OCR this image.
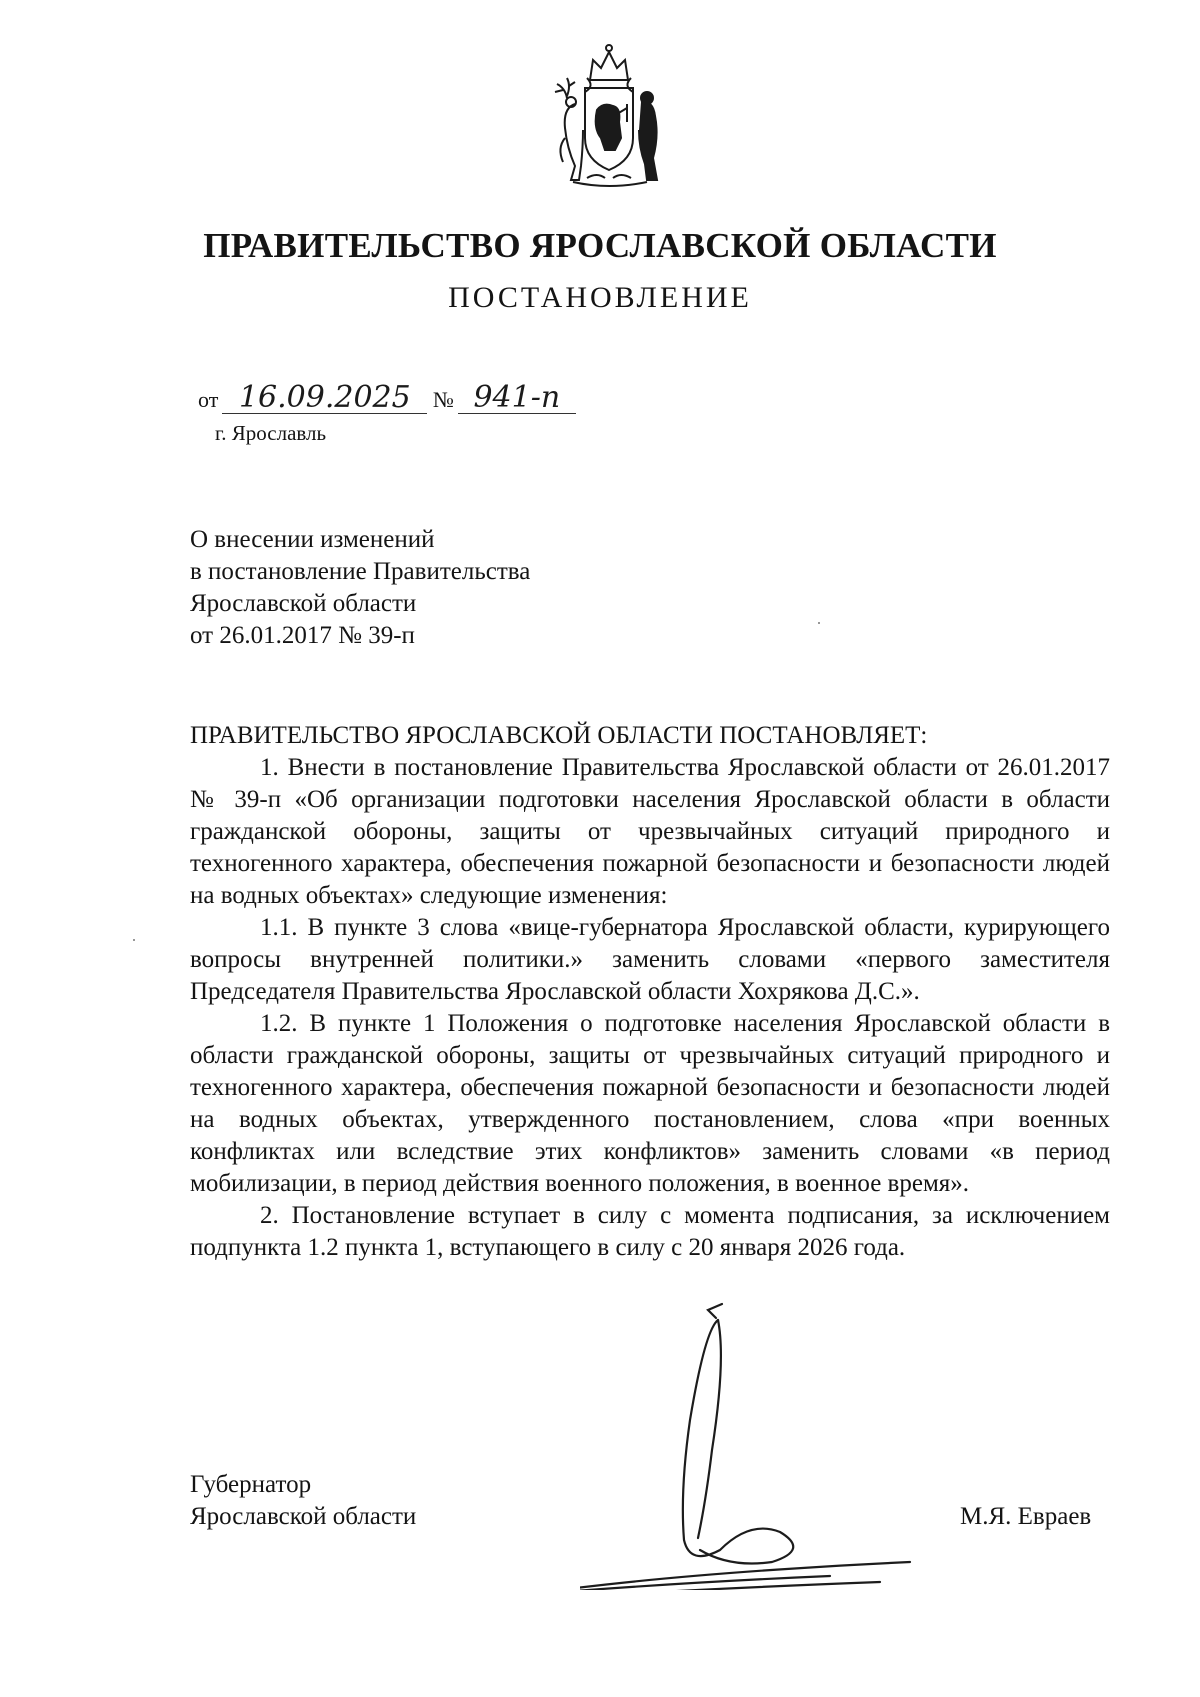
ПРАВИТЕЛЬСТВО ЯРОСЛАВСКОЙ ОБЛАСТИ
ПОСТАНОВЛЕНИЕ
от 16.09.2025 № 941-п
г. Ярославль
О внесении изменений
в постановление Правительства
Ярославской области
от 26.01.2017 № 39-п
ПРАВИТЕЛЬСТВО ЯРОСЛАВСКОЙ ОБЛАСТИ ПОСТАНОВЛЯЕТ:
1. Внести в постановление Правительства Ярославской области от 26.01.2017 № 39-п «Об организации подготовки населения Ярославской области в области гражданской обороны, защиты от чрезвычайных ситуаций природного и техногенного характера, обеспечения пожарной безопасности и безопасности людей на водных объектах» следующие изменения:
1.1. В пункте 3 слова «вице-губернатора Ярославской области, курирующего вопросы внутренней политики.» заменить словами «первого заместителя Председателя Правительства Ярославской области Хохрякова Д.С.».
1.2. В пункте 1 Положения о подготовке населения Ярославской области в области гражданской обороны, защиты от чрезвычайных ситуаций природного и техногенного характера, обеспечения пожарной безопасности и безопасности людей на водных объектах, утвержденного постановлением, слова «при военных конфликтах или вследствие этих конфликтов» заменить словами «в период мобилизации, в период действия военного положения, в военное время».
2. Постановление вступает в силу с момента подписания, за исключением подпункта 1.2 пункта 1, вступающего в силу с 20 января 2026 года.
Губернатор
Ярославской области	М.Я. Евраев
